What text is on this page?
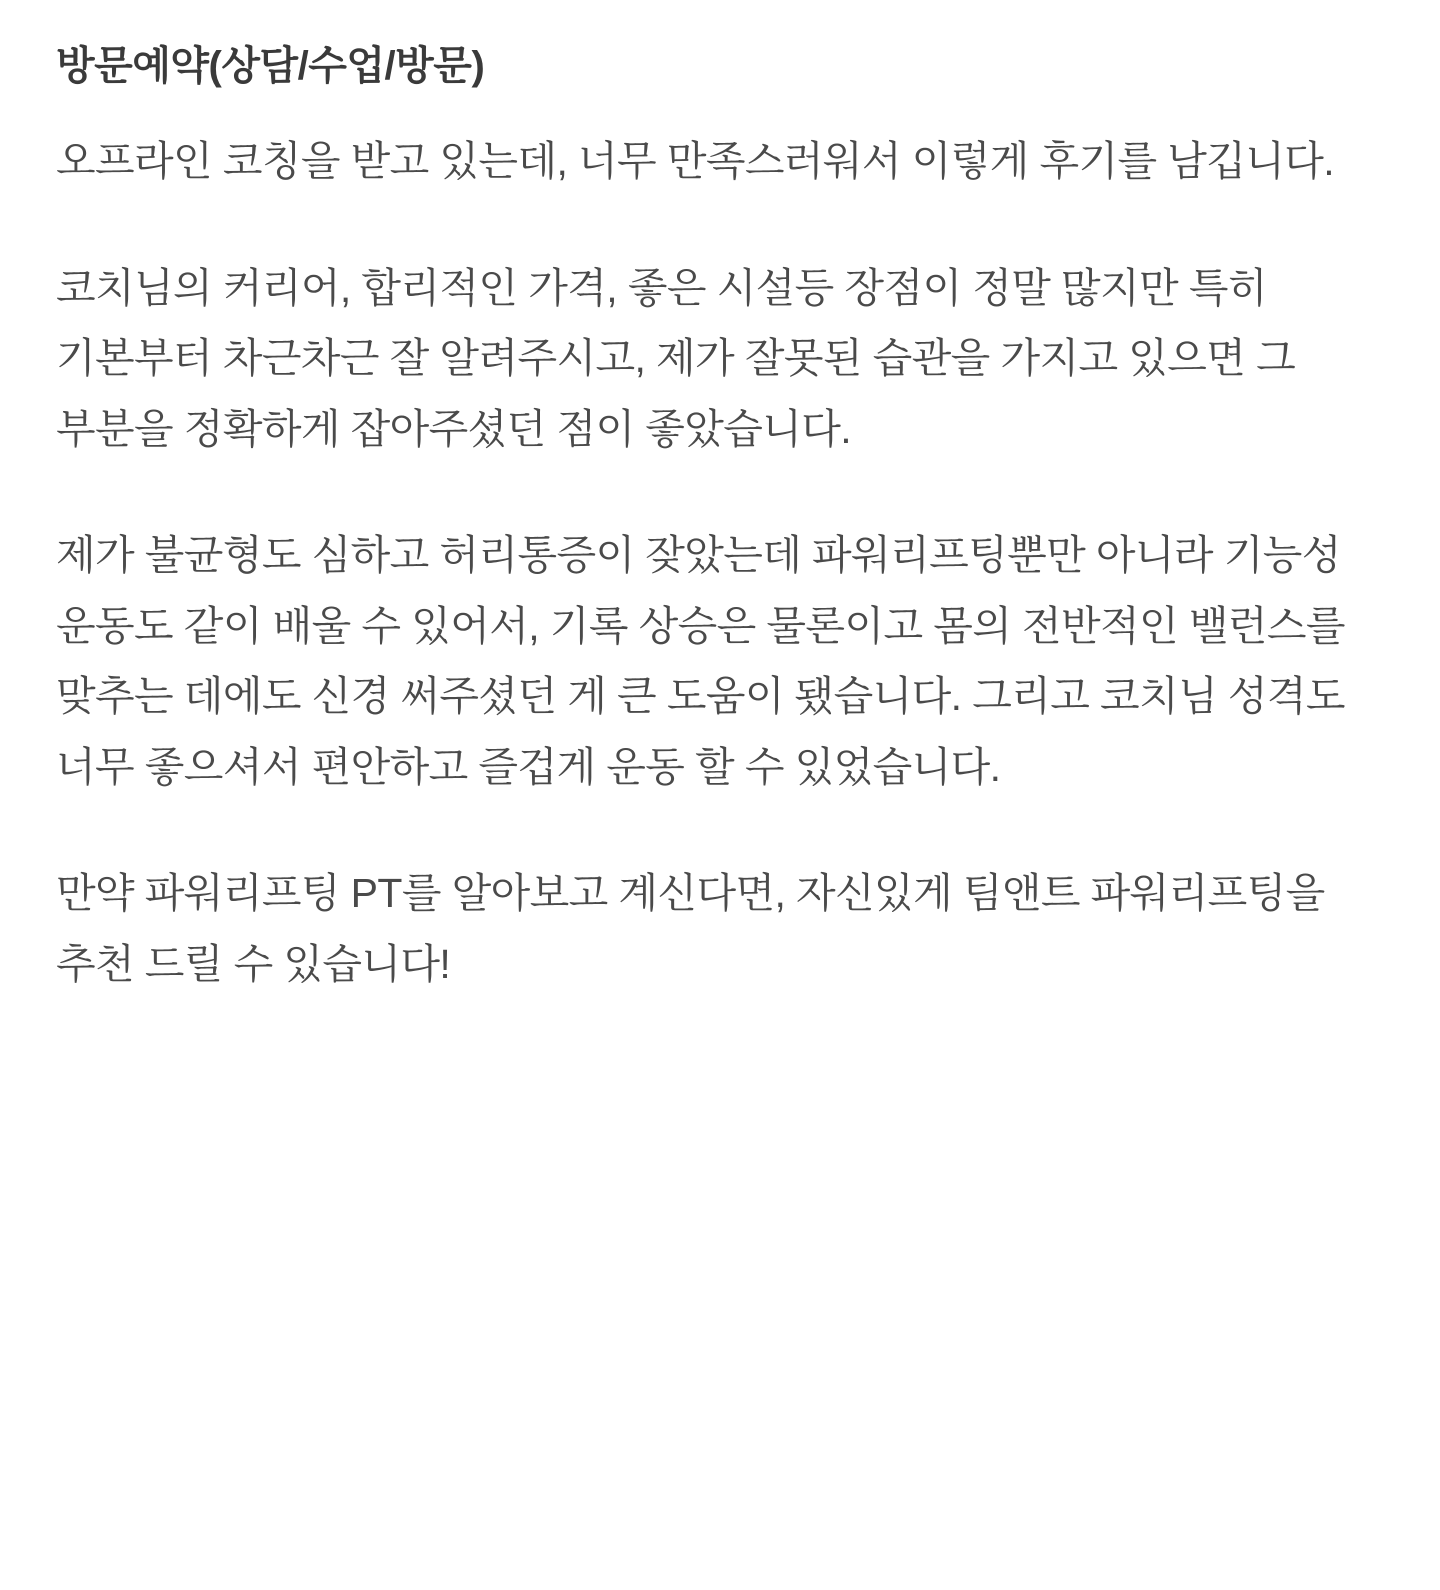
방문예약(상담/수업/방문)

오프라인 코칭을 받고 있는데, 너무 만족스러워서 이렇게 후기를 남깁니다.

코치님의 커리어, 합리적인 가격, 좋은 시설등 장점이 정말 많지만 특히 기본부터 차근차근 잘 알려주시고, 제가 잘못된 습관을 가지고 있으면 그 부분을 정확하게 잡아주셨던 점이 좋았습니다.

제가 불균형도 심하고 허리통증이 잦았는데 파워리프팅뿐만 아니라 기능성 운동도 같이 배울 수 있어서, 기록 상승은 물론이고 몸의 전반적인 밸런스를 맞추는 데에도 신경 써주셨던 게 큰 도움이 됐습니다. 그리고 코치님 성격도 너무 좋으셔서 편안하고 즐겁게 운동 할 수 있었습니다.

만약 파워리프팅 PT를 알아보고 계신다면, 자신있게 팀앤트 파워리프팅을 추천 드릴 수 있습니다!
